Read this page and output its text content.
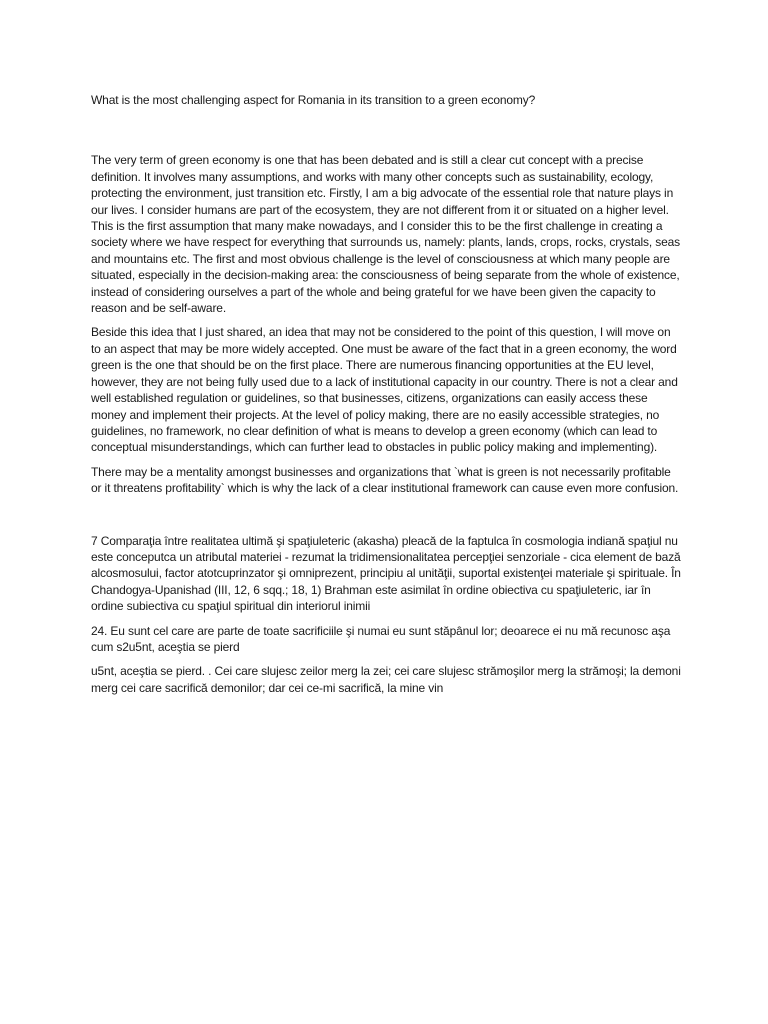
What is the most challenging aspect for Romania in its transition to a green economy?

The very term of green economy is one that has been debated and is still a clear cut concept with a precise definition. It involves many assumptions, and works with many other concepts such as sustainability, ecology, protecting the environment, just transition etc. Firstly, I am a big advocate of the essential role that nature plays in our lives. I consider humans are part of the ecosystem, they are not different from it or situated on a higher level. This is the first assumption that many make nowadays, and I consider this to be the first challenge in creating a society where we have respect for everything that surrounds us, namely: plants, lands, crops, rocks, crystals, seas and mountains etc. The first and most obvious challenge is the level of consciousness at which many people are situated, especially in the decision-making area: the consciousness of being separate from the whole of existence, instead of considering ourselves a part of the whole and being grateful for we have been given the capacity to reason and be self-aware.

Beside this idea that I just shared, an idea that may not be considered to the point of this question, I will move on to an aspect that may be more widely accepted. One must be aware of the fact that in a green economy, the word green is the one that should be on the first place. There are numerous financing opportunities at the EU level, however, they are not being fully used due to a lack of institutional capacity in our country. There is not a clear and well established regulation or guidelines, so that businesses, citizens, organizations can easily access these money and implement their projects. At the level of policy making, there are no easily accessible strategies, no guidelines, no framework, no clear definition of what is means to develop a green economy (which can lead to conceptual misunderstandings, which can further lead to obstacles in public policy making and implementing).

There may be a mentality amongst businesses and organizations that `what is green is not necessarily profitable or it threatens profitability` which is why the lack of a clear institutional framework can cause even more confusion.

7 Comparaţia între realitatea ultimă şi spaţiuleteric (akasha) pleacă de la faptulca în cosmologia indiană spaţiul nu este conceputca un atributal materiei - rezumat la tridimensionalitatea percepţiei senzoriale - cica element de bază alcosmosului, factor atotcuprinzator şi omniprezent, principiu al unităţii, suportal existenţei materiale şi spirituale. În Chandogya-Upanishad (III, 12, 6 sqq.; 18, 1) Brahman este asimilat în ordine obiectiva cu spaţiuleteric, iar în ordine subiectiva cu spaţiul spiritual din interiorul inimii

24. Eu sunt cel care are parte de toate sacrificiile şi numai eu sunt stăpânul lor; deoarece ei nu mă recunosc aşa cum s2u5nt, aceştia se pierd

u5nt, aceştia se pierd. . Cei care slujesc zeilor merg la zei; cei care slujesc strămoşilor merg la strămoşi; la demoni merg cei care sacrifică demonilor; dar cei ce-mi sacrifică, la mine vin
